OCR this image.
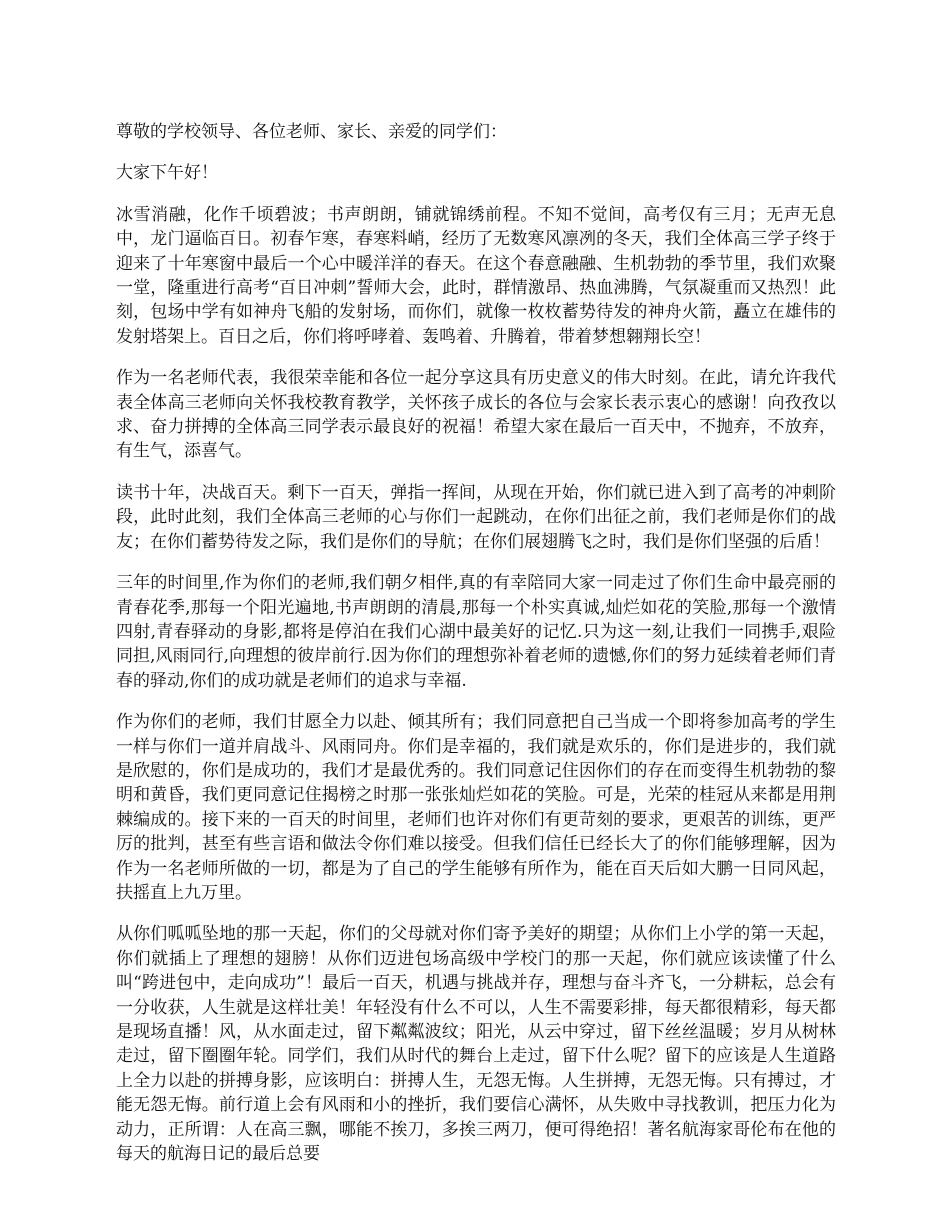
尊敬的学校领导、各位老师、家长、亲爱的同学们：

大家下午好！

冰雪消融，化作千顷碧波；书声朗朗，铺就锦绣前程。不知不觉间，高考仅有三月；无声无息中，龙门逼临百日。初春乍寒，春寒料峭，经历了无数寒风凛冽的冬天，我们全体高三学子终于迎来了十年寒窗中最后一个心中暖洋洋的春天。在这个春意融融、生机勃勃的季节里，我们欢聚一堂，隆重进行高考“百日冲刺”誓师大会，此时，群情激昂、热血沸腾，气氛凝重而又热烈！此刻，包场中学有如神舟飞船的发射场，而你们，就像一枚枚蓄势待发的神舟火箭，矗立在雄伟的发射塔架上。百日之后，你们将呼哮着、轰鸣着、升腾着，带着梦想翱翔长空！

作为一名老师代表，我很荣幸能和各位一起分享这具有历史意义的伟大时刻。在此，请允许我代表全体高三老师向关怀我校教育教学，关怀孩子成长的各位与会家长表示衷心的感谢！向孜孜以求、奋力拼搏的全体高三同学表示最良好的祝福！希望大家在最后一百天中，不抛弃，不放弃，有生气，添喜气。

读书十年，决战百天。剩下一百天，弹指一挥间，从现在开始，你们就已进入到了高考的冲刺阶段，此时此刻，我们全体高三老师的心与你们一起跳动，在你们出征之前，我们老师是你们的战友；在你们蓄势待发之际，我们是你们的导航；在你们展翅腾飞之时，我们是你们坚强的后盾！

三年的时间里,作为你们的老师,我们朝夕相伴,真的有幸陪同大家一同走过了你们生命中最亮丽的青春花季,那每一个阳光遍地,书声朗朗的清晨,那每一个朴实真诚,灿烂如花的笑脸,那每一个激情四射,青春驿动的身影,都将是停泊在我们心湖中最美好的记忆.只为这一刻,让我们一同携手,艰险同担,风雨同行,向理想的彼岸前行.因为你们的理想弥补着老师的遗憾,你们的努力延续着老师们青春的驿动,你们的成功就是老师们的追求与幸福.

作为你们的老师，我们甘愿全力以赴、倾其所有；我们同意把自己当成一个即将参加高考的学生一样与你们一道并肩战斗、风雨同舟。你们是幸福的，我们就是欢乐的，你们是进步的，我们就是欣慰的，你们是成功的，我们才是最优秀的。我们同意记住因你们的存在而变得生机勃勃的黎明和黄昏，我们更同意记住揭榜之时那一张张灿烂如花的笑脸。可是，光荣的桂冠从来都是用荆棘编成的。接下来的一百天的时间里，老师们也许对你们有更苛刻的要求，更艰苦的训练，更严厉的批判，甚至有些言语和做法令你们难以接受。但我们信任已经长大了的你们能够理解，因为作为一名老师所做的一切，都是为了自己的学生能够有所作为，能在百天后如大鹏一日同风起，扶摇直上九万里。

从你们呱呱坠地的那一天起，你们的父母就对你们寄予美好的期望；从你们上小学的第一天起，你们就插上了理想的翅膀！从你们迈进包场高级中学校门的那一天起，你们就应该读懂了什么叫“跨进包中，走向成功”！最后一百天，机遇与挑战并存，理想与奋斗齐飞，一分耕耘，总会有一分收获，人生就是这样壮美！年轻没有什么不可以，人生不需要彩排，每天都很精彩，每天都是现场直播！风，从水面走过，留下粼粼波纹；阳光，从云中穿过，留下丝丝温暖；岁月从树林走过，留下圈圈年轮。同学们，我们从时代的舞台上走过，留下什么呢？留下的应该是人生道路上全力以赴的拼搏身影，应该明白：拼搏人生，无怨无悔。人生拼搏，无怨无悔。只有搏过，才能无怨无悔。前行道上会有风雨和小的挫折，我们要信心满怀，从失败中寻找教训，把压力化为动力，正所谓：人在高三飘，哪能不挨刀，多挨三两刀，便可得绝招！著名航海家哥伦布在他的每天的航海日记的最后总要
